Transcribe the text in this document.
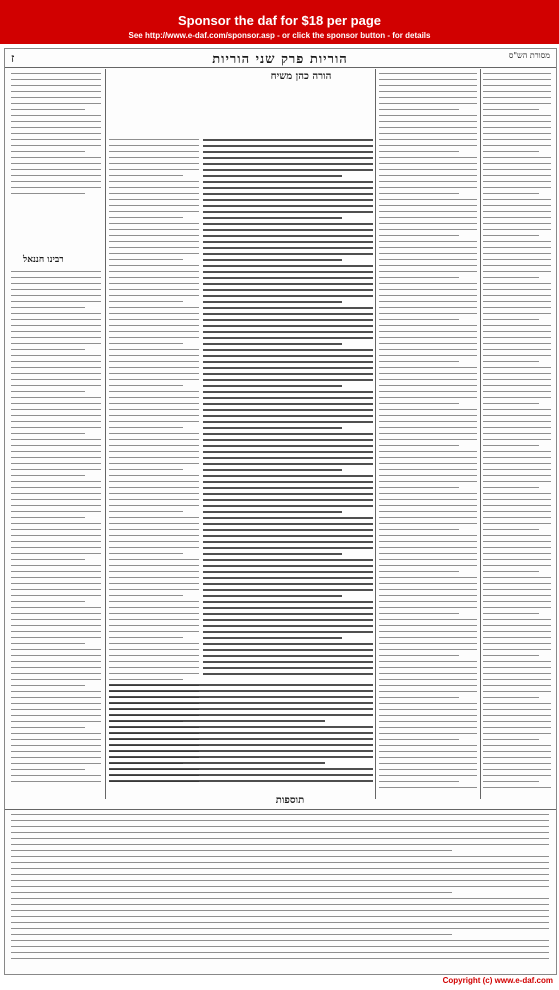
Sponsor the daf for $18 per page
See http://www.e-daf.com/sponsor.asp - or click the sponsor button - for details
ז	הוריות פרק שני הוריות	מסורת הש"ס
הורה כהן משיח
רבינו חננאל
תוספות
Copyright (c) www.e-daf.com
